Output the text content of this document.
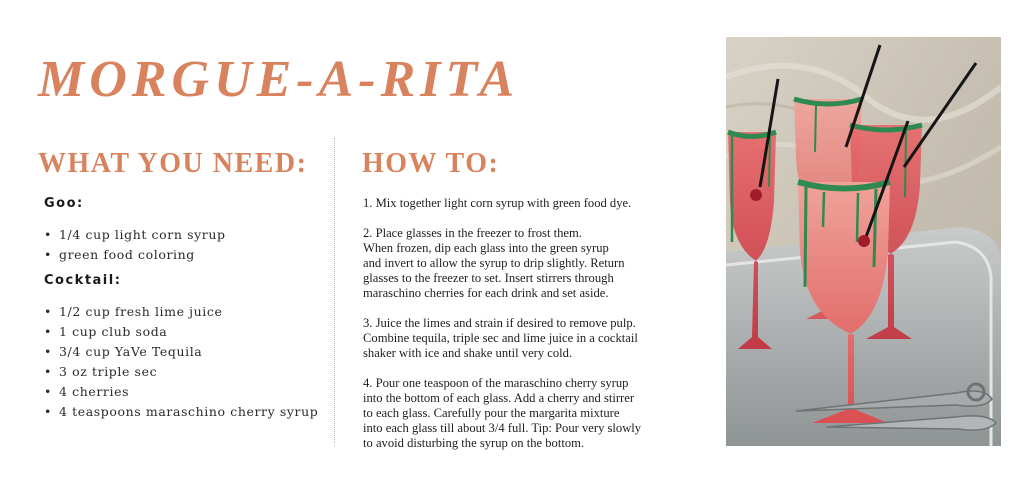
MORGUE-A-RITA
WHAT YOU NEED: HOW TO:
Goo:
• 1/4 cup light corn syrup
• green food coloring
Cocktail:
• 1/2 cup fresh lime juice
• 1 cup club soda
• 3/4 cup YaVe Tequila
• 3 oz triple sec
• 4 cherries
• 4 teaspoons maraschino cherry syrup

1. Mix together light corn syrup with green food dye.

2. Place glasses in the freezer to frost them.
When frozen, dip each glass into the green syrup
and invert to allow the syrup to drip slightly. Return
glasses to the freezer to set. Insert stirrers through
maraschino cherries for each drink and set aside.

3. Juice the limes and strain if desired to remove pulp.
Combine tequila, triple sec and lime juice in a cocktail
shaker with ice and shake until very cold.

4. Pour one teaspoon of the maraschino cherry syrup
into the bottom of each glass. Add a cherry and stirrer
to each glass. Carefully pour the margarita mixture
into each glass till about 3/4 full. Tip: Pour very slowly
to avoid disturbing the syrup on the bottom.
